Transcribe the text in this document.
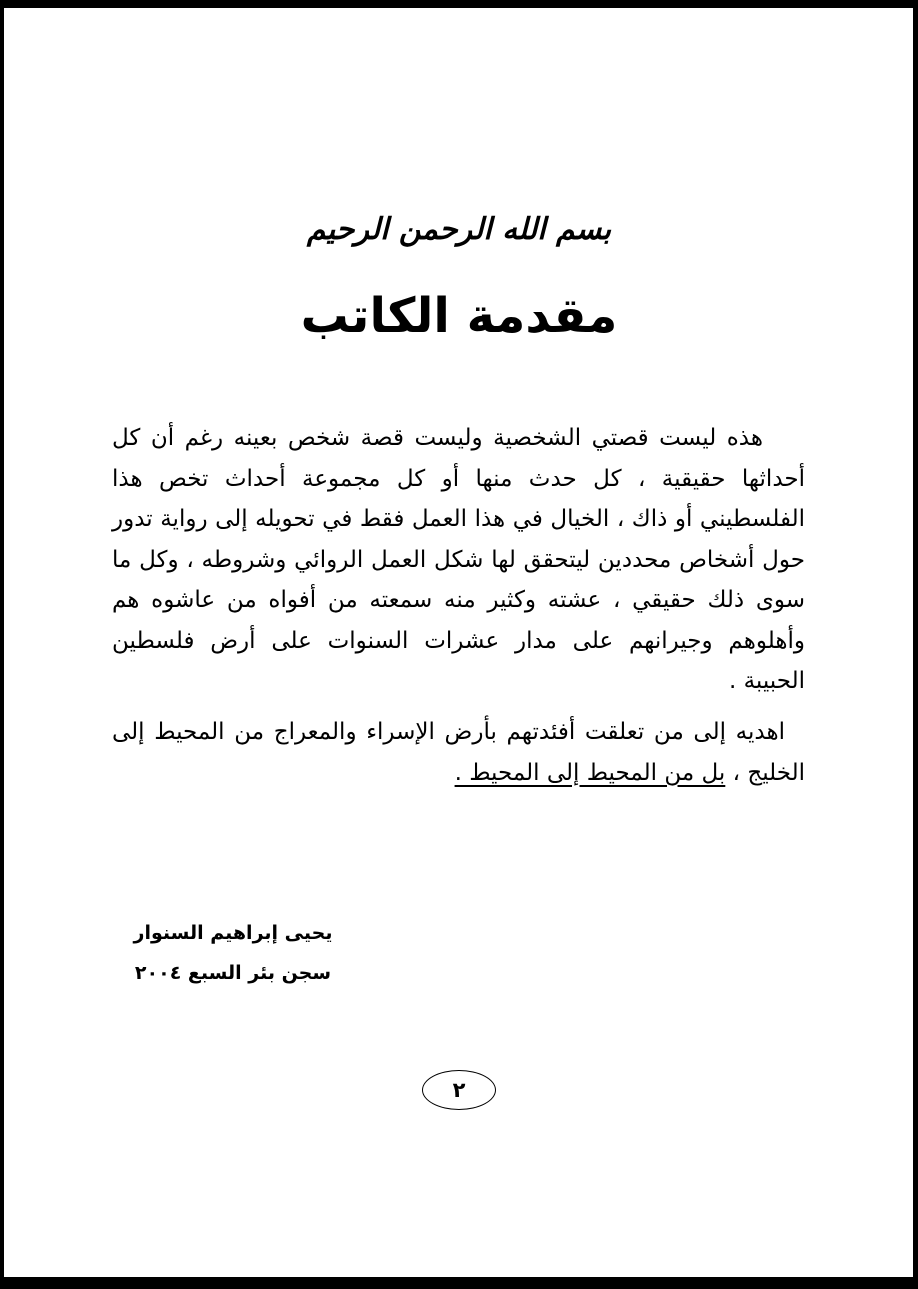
بسم الله الرحمن الرحيم
مقدمة الكاتب

هذه ليست قصتي الشخصية وليست قصة شخص بعينه رغم أن كل أحداثها حقيقية ، كل حدث منها أو كل مجموعة أحداث تخص هذا الفلسطيني أو ذاك ، الخيال في هذا العمل فقط في تحويله إلى رواية تدور حول أشخاص محددين ليتحقق لها شكل العمل الروائي وشروطه ، وكل ما سوى ذلك حقيقي ، عشته وكثير منه سمعته من أفواه من عاشوه هم وأهلوهم وجيرانهم على مدار عشرات السنوات على أرض فلسطين الحبيبة .

اهديه إلى من تعلقت أفئدتهم بأرض الإسراء والمعراج من المحيط إلى الخليج ، بل من المحيط إلى المحيط .

يحيى إبراهيم السنوار
سجن بئر السبع ٢٠٠٤
٢
